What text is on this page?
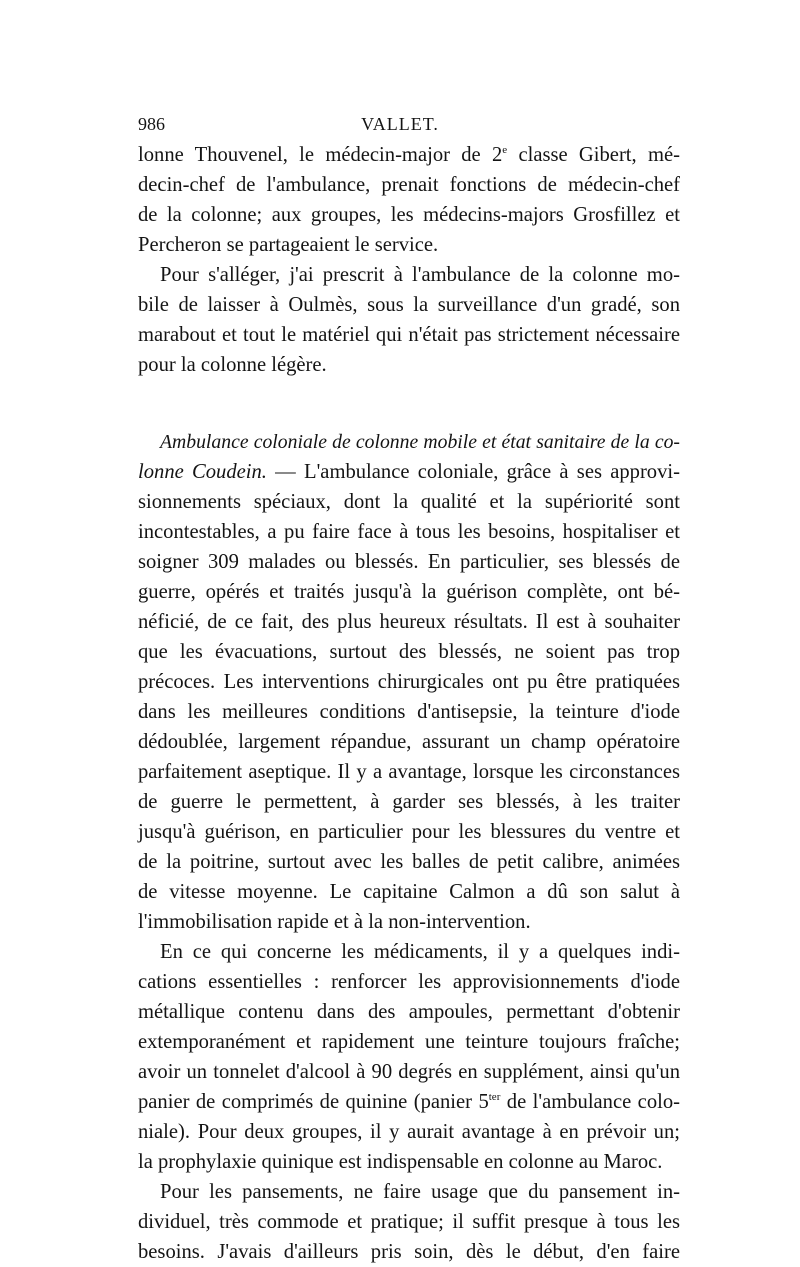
986	VALLET.
lonne Thouvenel, le médecin-major de 2e classe Gibert, mé-
decin-chef de l'ambulance, prenait fonctions de médecin-chef
de la colonne; aux groupes, les médecins-majors Grosfillez et
Percheron se partageaient le service.
Pour s'alléger, j'ai prescrit à l'ambulance de la colonne mo-
bile de laisser à Oulmès, sous la surveillance d'un gradé, son
marabout et tout le matériel qui n'était pas strictement nécessaire
pour la colonne légère.
Ambulance coloniale de colonne mobile et état sanitaire de la co-
lonne Coudein. — L'ambulance coloniale, grâce à ses approvi-
sionnements spéciaux, dont la qualité et la supériorité sont
incontestables, a pu faire face à tous les besoins, hospitaliser et
soigner 309 malades ou blessés. En particulier, ses blessés de
guerre, opérés et traités jusqu'à la guérison complète, ont bé-
néficié, de ce fait, des plus heureux résultats. Il est à souhaiter
que les évacuations, surtout des blessés, ne soient pas trop
précoces. Les interventions chirurgicales ont pu être pratiquées
dans les meilleures conditions d'antisepsie, la teinture d'iode
dédoublée, largement répandue, assurant un champ opératoire
parfaitement aseptique. Il y a avantage, lorsque les circonstances
de guerre le permettent, à garder ses blessés, à les traiter
jusqu'à guérison, en particulier pour les blessures du ventre et
de la poitrine, surtout avec les balles de petit calibre, animées
de vitesse moyenne. Le capitaine Calmon a dû son salut à
l'immobilisation rapide et à la non-intervention.
En ce qui concerne les médicaments, il y a quelques indi-
cations essentielles : renforcer les approvisionnements d'iode
métallique contenu dans des ampoules, permettant d'obtenir
extemporanément et rapidement une teinture toujours fraîche;
avoir un tonnelet d'alcool à 90 degrés en supplément, ainsi qu'un
panier de comprimés de quinine (panier $5^{ter}$ de l'ambulance colo-
niale). Pour deux groupes, il y aurait avantage à en prévoir un;
la prophylaxie quinique est indispensable en colonne au Maroc.
Pour les pansements, ne faire usage que du pansement in-
dividuel, très commode et pratique; il suffit presque à tous les
besoins. J'avais d'ailleurs pris soin, dès le début, d'en faire
